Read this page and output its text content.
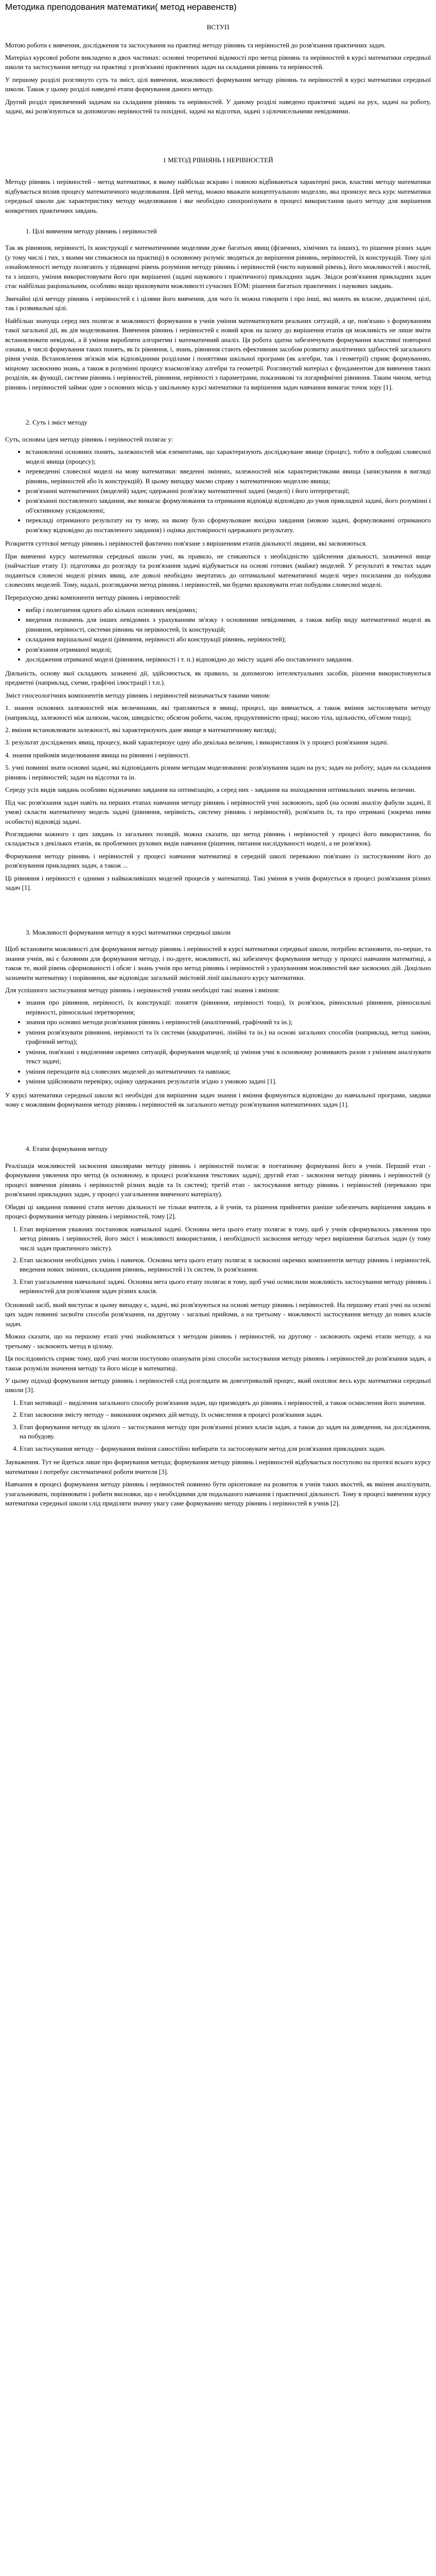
Методика преподования математики( метод неравенств)
ВСТУП

Мотою роботи є вивчення, дослідження та застосування на практиці методу рівнянь та нерівностей до розв'язання практичних задач.

Матеріал курсової роботи викладено в двох частинах: основні теоретичні відомості про метод рівнянь та нерівностей в курсі математики середньої школи та застосування методу на практиці з розв'язанні практичних задач на складання рівнянь та нерівностей.

У першому розділі розглянуто суть та зміст, цілі вивчення, можливості формування методу рівнянь та нерівностей в курсі математики середньої школи. Також у цьому розділі наведені етапи формування даного методу.

Другий розділ присвячений задачам на складання рівнянь та нерівностей. У даному розділі наведено практичні задачі на рух, задачі на роботу, задачі, які розв'язуються за допомогою нерівностей та похідної, задачі на відсотки, задачі з цілочисельними невідомими.

1 МЕТОД РІВНЯНЬ І НЕРІВНОСТЕЙ

Методу рівнянь і нерівностей - метод математики, в якому найбільш яскраво і повною відбиваються характерні риси, властиві методу математики відбувається вплив процесу математичного моделювання. Цей метод, можно вважати концептуальною моделлю, яка пронизує весь курс математики середньої школи дає характеристику методу моделювання і яке необхідно синхронізувати в процесі використання цього методу для вирішення конкретних практичних завдань.

1. Цілі вивчення методу рівнянь і нерівностей

Так як рівняння, нерівності, їх конструкції є математичними моделями дуже багатьох явищ (фізичних, хімічних та інших), то рішення різних задач (у тому числі і тих, з якими ми стикаємося на практиці) в основному розуміє зводяться до вирішення рівнянь, нерівностей, їх конструкцій. Тому цілі ознайомленості методу полягають у підвищені рівень розуміння методу рівнянь і нерівностей (чисто науковий рівень), його можливостей і якостей, та з іншого, уміння використовувати його при вирішенні (задачі наукового і практичного) прикладних задач. Звідси розв'язання прикладних задач стає найбільш раціональним, особливо якщо враховувати можливості сучасних ЕОМ: рішення багатьох практичних і наукових завдань.

Звичайні цілі методу рівнянь і нерівностей є і цілями його вивчення, для чого їх можна говорити і про інші, які мають як власне, дидактичні цілі, так і розвивальні цілі.

Найбільш значуща серед них полягає в можливості формування в учнів уміння математизувати реальних ситуацій, а це, пов'язано з формуванням такої загальної дії, як дія моделювання. Вивчення рівнянь і нерівностей є новий крок на шляху до вирішення етапів ця можливість не лише вміти встановлювати невідомі, а й уміння виробляти алгоритми і математичний аналіз. Ця робота здатна забезпечувати формування властивої повторної ознаки, в числі формування таких понять, як їх рівняння, і, знань, рівняння стають ефективним засобом розвитку аналітичних здібностей загального рівня учнів. Встановлення зв'язків між відповідними розділами і поняттями шкільної програми (як алгебри, так і геометрії) сприяє формуванню, міцному засвоєнню знань, а також в розумінні процесу взаємозв'язку алгебри та геометрії. Розглянутий матеріал є фундаментом для вивчення таких розділів, як функції, системи рівнянь і нерівностей, рівняння, нерівності з параметрами, показникові та логарифмічні рівняння. Таким чином, метод рівнянь і нерівностей займає одне з основних місць у шкільному курсі математики та вирішення задач навчання вимагає точок зору [1].

2. Суть і зміст методу

Суть, основна ідея методу рівнянь і нерівностей полягає у:

• встановленні основних понять, залежностей між елементами, що характеризують досліджуване явище (процес), тобто в побудові словесної моделі явища (процесу);
• переведенні словесної моделі на мову математики: введенні змінних, залежностей між характеристиками явища (записування в вигляді рівнянь, нерівностей або їх конструкцій). В цьому випадку маємо справу з математичною моделлю явища;
• розв'язанні математичних (моделей) задач; одержанні розв'язку математичної задачі (моделі) і його інтерпретації;
• розв'язанні поставленого завдання, яке вимагає формулювання та отримання відповіді відповідно до умов прикладної задачі, його розумінні і об'єктивному усвідомленні;
• перекладі отриманого результату на ту мову, на якому було сформульоване вихідна завдання (мовою задачі, формулюванні отриманого розв'язку відповідно до поставленого завдання) і оцінка достовірності одержаного результату.

Розкриття суттєвої методу рівнянь і нерівностей фактично пов'язане з вирішенням етапів діяльності людини, які засвоюються.

При вивченні курсу математики середньої школи учні, як правило, не стикаються з необхідністю здійснення діяльності, зазначеної вище (найчастіше етапу 1): підготовка до розгляду та розв'язання задачі відбувається на основі готових (майже) моделей. У результаті в текстах задач подаються словесні моделі різних явищ, але доволі необхідно звертатись до оптимальної математичної моделі через посилання до побудови словесних моделей. Тому, надалі, розглядаючи метод рівнянь і нерівностей, ми будемо враховувати етап побудови словесної моделі.

Перерахуємо деякі компоненти методу рівнянь і нерівностей:

• вибір і полегшення одного або кількох основних невідомих;
• введення позначень для інших невідомих з урахуванням зв'язку з основними невідомими, а також вибір виду математичної моделі як рівняння, нерівності, системи рівнянь чи нерівностей, їх конструкцій;
• складання вирішальної моделі (рівняння, нерівності або конструкції рівнянь, нерівностей);
• розв'язання отриманої моделі;
• дослідження отриманої моделі (рівняння, нерівності і т. п.) відповідно до змісту задачі або поставленого завдання.

Діяльність, основу якої складають зазначені дії, здійснюється, як правило, за допомогою інтелектуальних засобів, рішення використовуються предметні (наприклад, схеми, графічні ілюстрації і т.п.).

Зміст гносеологічних компонентів методу рівнянь і нерівностей визначається такими чином:

1. знання основних залежностей між величинами, які трапляються в явищі, процесі, що вивчається, а також вміння застосовувати методу (наприклад, залежності між шляхом, часом, швидкістю; обсягом роботи, часом, продуктивністю праці; масою тіла, щільністю, об'ємом тощо);

2. вміння встановлювати залежності, які характеризують дане явище в математичному вигляді;

3. результат досліджених явищ, процесу, який характеризує одну або декілька величин, і використання їх у процесі розв'язання задачі.

4. знання прийомів моделювання явища на рівнянні і нерівності.

5. учні повинні знати основні задачі, які відповідають різним методам моделювання: розв'язування задач на рух; задач на роботу; задач на складання рівнянь і нерівностей; задач на відсотки та ін.

Середу усіх видів завдань особливо відзначимо завдання на оптимізацію, а серед них - завдання на знаходження оптимальних значень величин.

Під час розв'язання задач навіть на перших етапах навчання методу рівнянь і нерівностей учні засвоюють, щоб (на основі аналізу фабули задачі, її умов) скласти математичну модель задачі (рівняння, нерівність, систему рівнянь і нерівностей), розв'язати їх, та про отримані (зокрема ними особисто) відповіді задачі.

Розглядаючи кожного з цих завдань із загальних позицій, можна сказати, що метод рівнянь і нерівностей у процесі його використання, бо складається з декількох етапів, як проблемних рухових видів навчання (рішення, питання наслідуваності моделі, а не розв'язок).

Формування методу рівнянь і нерівностей у процесі навчання математиці в середній школі переважно пов'язано із застосуванням його до розв'язування прикладних задач, а також ...

Ці рівняння і нерівності є одними з найважливіших моделей процесів у математиці. Такі уміння в учнів формується в процесі розв'язання різних задач [1].

3. Можливості формування методу в курсі математики середньої школи

Щоб встановити можливості для формування методу рівнянь і нерівностей в курсі математики середньої школи, потрібно встановити, по-перше, та знання учнів, які є базовими для формування методу, і по-друге, можливості, які забезпечує формування методу у процесі навчання математиці, а також те, який рівень сформованості і обсяг і знань учнів про метод рівнянь і нерівностей з урахуванням можливостей вже засвоєних дій. Доцільно зазначити математику і порівняння, яке відповідає загальній змістовій лінії шкільного курсу математики.

Для успішного застосування методу рівнянь і нерівностей учням необхідні такі знання і вміння:

• знання про рівняння, нерівності, їх конструкції: поняття (рівняння, нерівності тощо), їх розв'язок, рівносильні рівняння, рівносильні нерівності, рівносильні перетворення;
• знання про основні методи розв'язання рівнянь і нерівностей (аналітичний, графічний та ін.);
• уміння розв'язувати рівняння, нерівності та їх системи (квадратичні, лінійні та ін.) на основі загальних способів (наприклад, метод заміни, графічний метод);
• уміння, пов'язані з виділенням окремих ситуацій, формування моделей; ці уміння учні в основному розвивають разом з умінням аналізувати текст задачі;
• уміння переходити від словесних моделей до математичних та навпаки;
• уміння здійснювати перевірку, оцінку одержаних результатів згідно з умовою задачі [1].

У курсі математики середньої школи всі необхідні для вирішення задач знання і вміння формуються відповідно до навчальної програми, завдяки чому є можливим формування методу рівнянь і нерівностей як загального методу розв'язування математичних задач [1].

4. Етапи формування методу

Реалізація можливостей засвоєння школярами методу рівнянь і нерівностей полягає в поетапному формуванні його в учнів. Перший етап - формування уявлення про метод (в основному, в процесі розв'язання текстових задач); другий етап - засвоєння методу рівнянь і нерівностей (у процесі вивчення рівнянь і нерівностей різних видів та їх систем); третій етап - застосування методу рівнянь і нерівностей (переважно при розв'язанні прикладних задач, у процесі узагальнення вивченого матеріалу).

Обидві ці завдання повинні стати метою діяльності не тільки вчителя, а й учнів, та рішення прийнятих раніше забезпечать вирішення завдань в процесі формування методу рівнянь і нерівностей, тому [2].

1. Етап вирішення уважних постановок навчальної задачі. Основна мета цього етапу полягає в тому, щоб у учнів сформувалось уявлення про метод рівнянь і нерівностей, його зміст і можливості використання, і необхідності засвоєння методу через вирішення багатьох задач (у тому числі задач практичного змісту).
2. Етап засвоєння необхідних умінь і навичок. Основна мета цього етапу полягає в засвоєнні окремих компонентів методу рівнянь і нерівностей, введення нових змінних, складання рівнянь, нерівностей і їх систем, їх розв'язання.
3. Етап узагальнення навчальної задачі. Основна мета цього етапу полягає в тому, щоб учні осмислили можливість застосування методу рівнянь і нерівностей для розв'язання задач різних класів.

Основний засіб, який виступає в цьому випадку є, задачі, які розв'язуються на основі методу рівнянь і нерівностей. На першому етапі учні на основі цих задач повинні засвоїти способи розв'язання, на другому - загальні прийоми, а на третьому - можливості застосування методу до нових класів задач.

Можна сказати, що на першому етапі учні знайомляться з методом рівнянь і нерівностей, на другому - засвоюють окремі етапи методу, а на третьому - засвоюють метод в цілому.

Ця послідовність сприяє тому, щоб учні могли поступово опанувати різні способи застосування методу рівнянь і нерівностей до розв'язання задач, а також розуміли значення методу та його місце в математиці.

У цьому підході формування методу рівнянь і нерівностей слід розглядати як довготривалий процес, який охоплює весь курс математики середньої школи [3].

1. Етап мотивації – виділення загального способу розв'язання задач, що призводять до рівнянь і нерівностей, а також осмислення його значення.
2. Етап засвоєння змісту методу – виконання окремих дій методу, їх осмислення в процесі розв'язання задач.
3. Етап формування методу як цілого – застосування методу при розв'язанні різних класів задач, а також до задач на доведення, на дослідження, на побудову.
4. Етап застосування методу – формування вміння самостійно вибирати та застосовувати метод для розв'язання прикладних задач.

Зауваження. Тут не йдеться лише про формування метода; формування методу рівнянь і нерівностей відбувається поступово на протязі всього курсу математики і потребує систематичної роботи вчителя [3].

Навчання в процесі формування методу рівнянь і нерівностей повинно бути орієнтоване на розвиток в учнів таких якостей, як вміння аналізувати, узагальнювати, порівнювати і робити висновки, що є необхідними для подальшого навчання і практичної діяльності. Тому в процесі вивчення курсу математики середньої школи слід приділяти значну увагу саме формуванню методу рівнянь і нерівностей в учнів [2].
